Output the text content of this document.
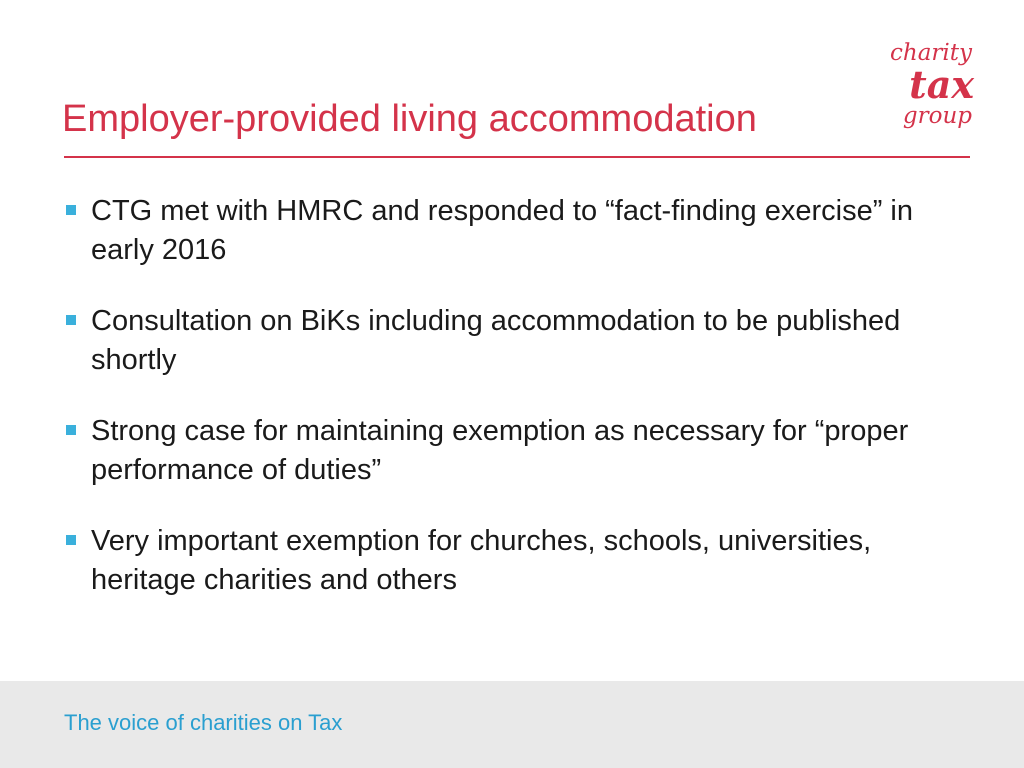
charity
tax
group
Employer-provided living accommodation
CTG met with HMRC and responded to “fact-finding exercise” in early 2016
Consultation on BiKs including accommodation to be published shortly
Strong case for maintaining exemption as necessary for “proper performance of duties”
Very important exemption for churches, schools, universities, heritage charities and others
The voice of charities on Tax
